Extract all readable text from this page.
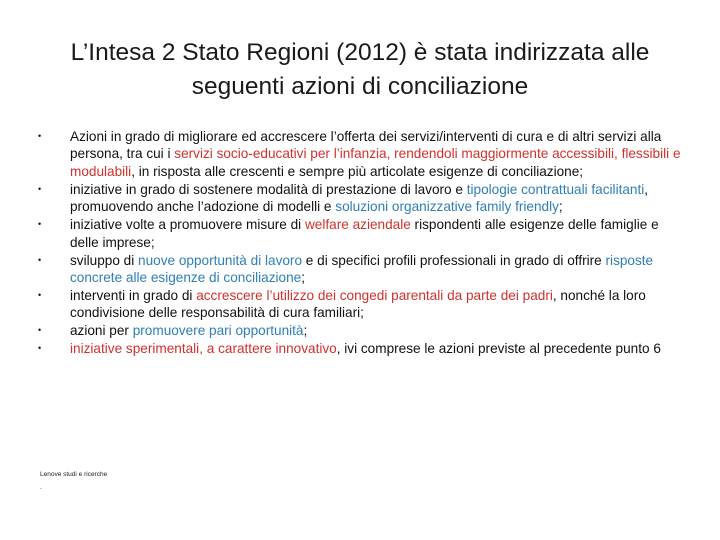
L’Intesa 2 Stato Regioni (2012) è stata indirizzata alle
seguenti azioni di conciliazione
•	Azioni in grado di migliorare ed accrescere l’offerta dei servizi/interventi di cura e di altri servizi alla persona, tra cui i servizi socio-educativi per l’infanzia, rendendoli maggiormente accessibili, flessibili e modulabili, in risposta alle crescenti e sempre più articolate esigenze di conciliazione;
•	iniziative in grado di sostenere modalità di prestazione di lavoro e tipologie contrattuali facilitanti, promuovendo anche l’adozione di modelli e soluzioni organizzative family friendly;
•	iniziative volte a promuovere misure di welfare aziendale rispondenti alle esigenze delle famiglie e delle imprese;
•	sviluppo di nuove opportunità di lavoro e di specifici profili professionali in grado di offrire risposte concrete alle esigenze di conciliazione;
•	interventi in grado di accrescere l’utilizzo dei congedi parentali da parte dei padri, nonché la loro condivisione delle responsabilità di cura familiari;
•	azioni per promuovere pari opportunità;
•	iniziative sperimentali, a carattere innovativo, ivi comprese le azioni previste al precedente punto 6
Lenove studi e ricerche
.
